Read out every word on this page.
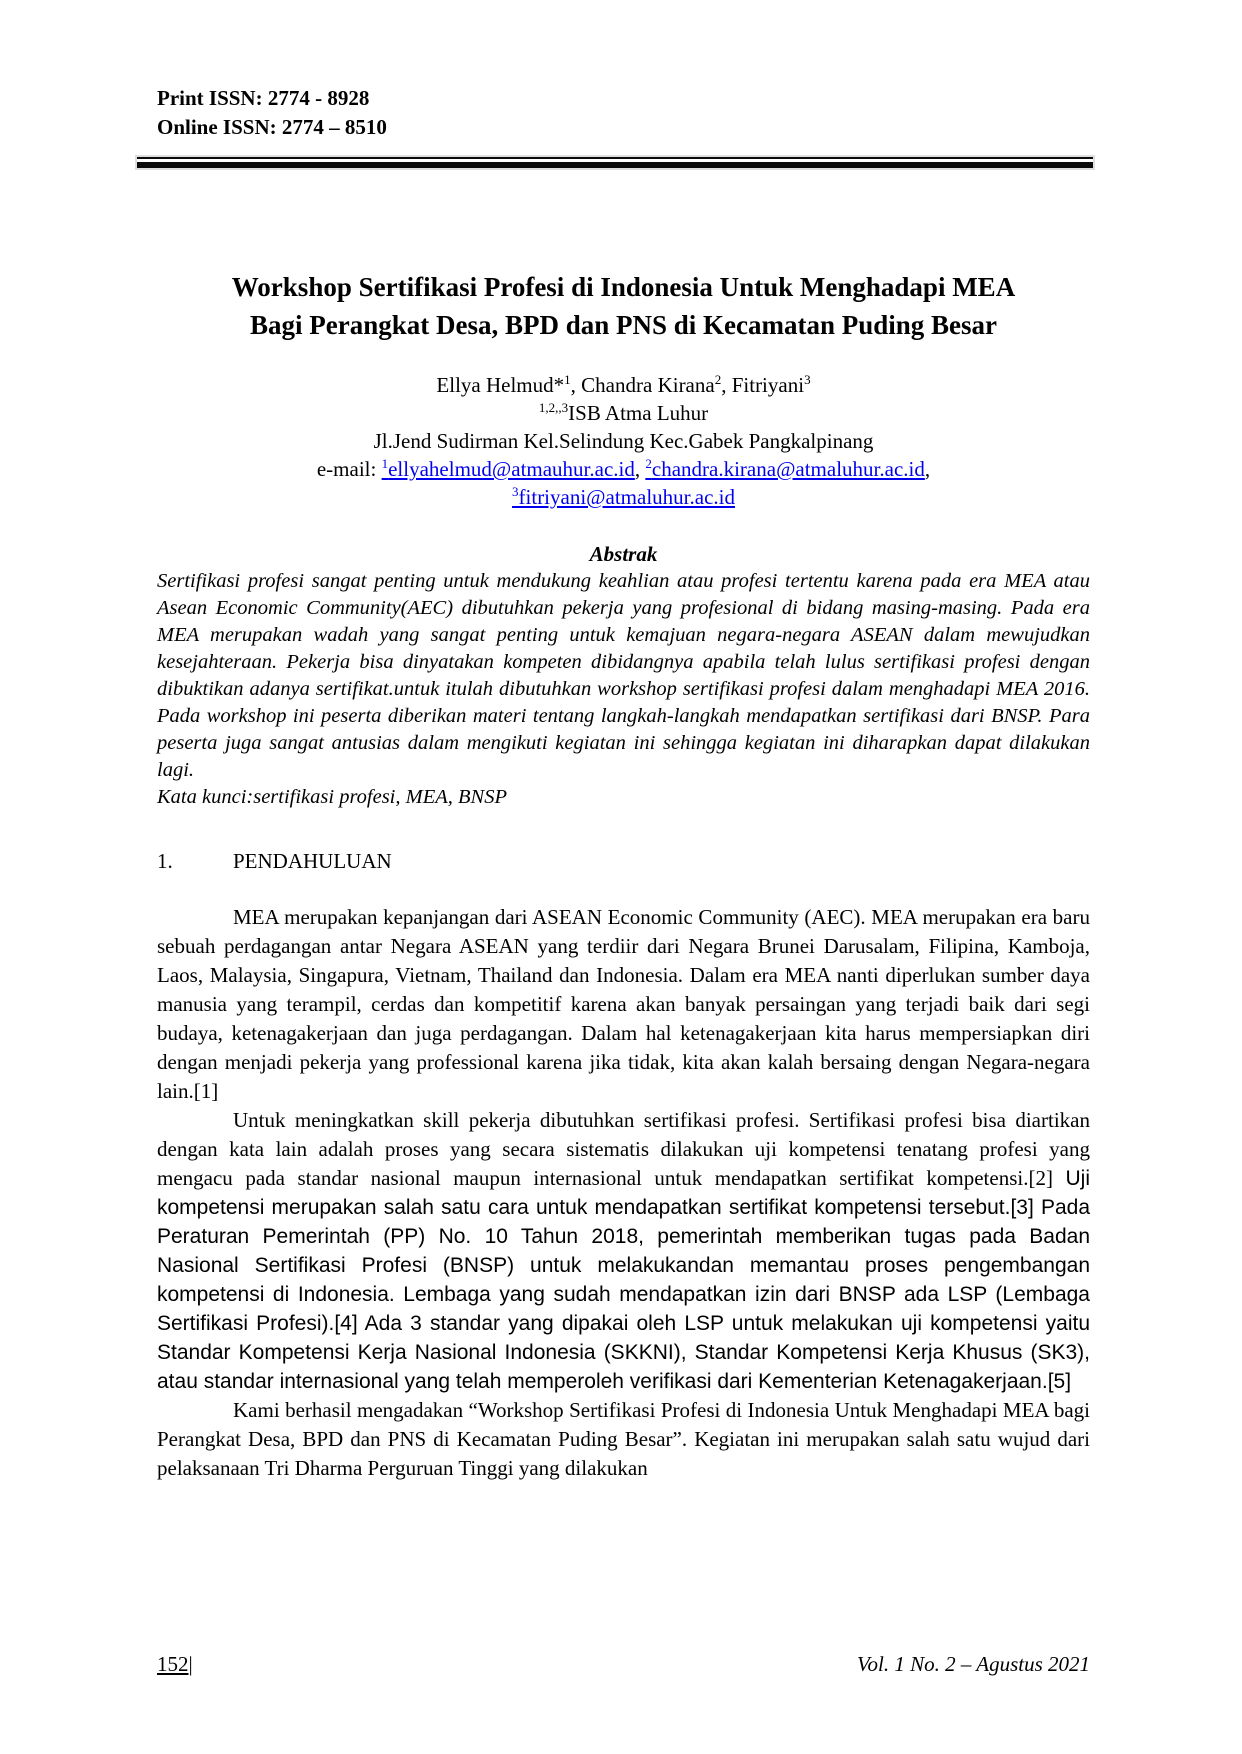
Print ISSN: 2774 - 8928
Online ISSN: 2774 – 8510
Workshop Sertifikasi Profesi di Indonesia Untuk Menghadapi MEA
Bagi Perangkat Desa, BPD dan PNS di Kecamatan Puding Besar
Ellya Helmud*$^1$, Chandra Kirana$^2$, Fitriyani$^3$
$^{1,2,,3}$ISB Atma Luhur
Jl.Jend Sudirman Kel.Selindung Kec.Gabek Pangkalpinang
e-mail: $^1$ellyahelmud@atmauhur.ac.id, $^2$chandra.kirana@atmaluhur.ac.id,
$^3$fitriyani@atmaluhur.ac.id
Abstrak

Sertifikasi profesi sangat penting untuk mendukung keahlian atau profesi tertentu karena pada era MEA atau Asean Economic Community(AEC) dibutuhkan pekerja yang profesional di bidang masing-masing. Pada era MEA merupakan wadah yang sangat penting untuk kemajuan negara-negara ASEAN dalam mewujudkan kesejahteraan. Pekerja bisa dinyatakan kompeten dibidangnya apabila telah lulus sertifikasi profesi dengan dibuktikan adanya sertifikat.untuk itulah dibutuhkan workshop sertifikasi profesi dalam menghadapi MEA 2016. Pada workshop ini peserta diberikan materi tentang langkah-langkah mendapatkan sertifikasi dari BNSP. Para peserta juga sangat antusias dalam mengikuti kegiatan ini sehingga kegiatan ini diharapkan dapat dilakukan lagi.

Kata kunci:sertifikasi profesi, MEA, BNSP

1.	PENDAHULUAN

MEA merupakan kepanjangan dari ASEAN Economic Community (AEC). MEA merupakan era baru sebuah perdagangan antar Negara ASEAN yang terdiir dari Negara Brunei Darusalam, Filipina, Kamboja, Laos, Malaysia, Singapura, Vietnam, Thailand dan Indonesia. Dalam era MEA nanti diperlukan sumber daya manusia yang terampil, cerdas dan kompetitif karena akan banyak persaingan yang terjadi baik dari segi budaya, ketenagakerjaan dan juga perdagangan. Dalam hal ketenagakerjaan kita harus mempersiapkan diri dengan menjadi pekerja yang professional karena jika tidak, kita akan kalah bersaing dengan Negara-negara lain.[1]

Untuk meningkatkan skill pekerja dibutuhkan sertifikasi profesi. Sertifikasi profesi bisa diartikan dengan kata lain adalah proses yang secara sistematis dilakukan uji kompetensi tenatang profesi yang mengacu pada standar nasional maupun internasional untuk mendapatkan sertifikat kompetensi.[2] Uji kompetensi merupakan salah satu cara untuk mendapatkan sertifikat kompetensi tersebut.[3] Pada Peraturan Pemerintah (PP) No. 10 Tahun 2018, pemerintah memberikan tugas pada Badan Nasional Sertifikasi Profesi (BNSP) untuk melakukandan memantau proses pengembangan kompetensi di Indonesia. Lembaga yang sudah mendapatkan izin dari BNSP ada LSP (Lembaga Sertifikasi Profesi).[4] Ada 3 standar yang dipakai oleh LSP untuk melakukan uji kompetensi yaitu Standar Kompetensi Kerja Nasional Indonesia (SKKNI), Standar Kompetensi Kerja Khusus (SK3), atau standar internasional yang telah memperoleh verifikasi dari Kementerian Ketenagakerjaan.[5]

Kami berhasil mengadakan “Workshop Sertifikasi Profesi di Indonesia Untuk Menghadapi MEA bagi Perangkat Desa, BPD dan PNS di Kecamatan Puding Besar”. Kegiatan ini merupakan salah satu wujud dari pelaksanaan Tri Dharma Perguruan Tinggi yang dilakukan

152|	Vol. 1 No. 2 – Agustus 2021
